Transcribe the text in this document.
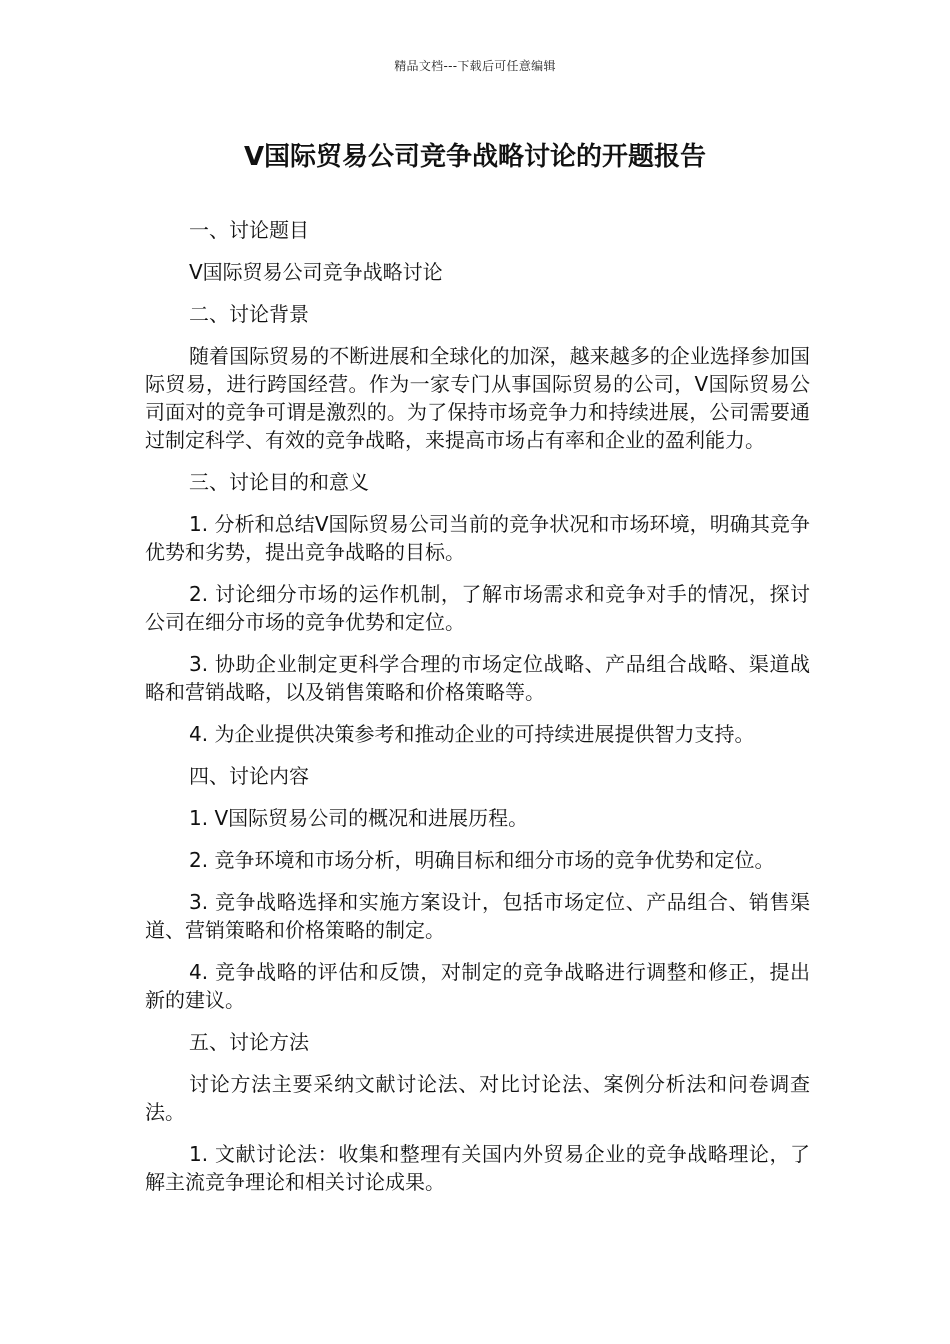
精品文档---下载后可任意编辑
V国际贸易公司竞争战略讨论的开题报告

一、讨论题目

V国际贸易公司竞争战略讨论

二、讨论背景

随着国际贸易的不断进展和全球化的加深，越来越多的企业选择参加国际贸易，进行跨国经营。作为一家专门从事国际贸易的公司，V国际贸易公司面对的竞争可谓是激烈的。为了保持市场竞争力和持续进展，公司需要通过制定科学、有效的竞争战略，来提高市场占有率和企业的盈利能力。

三、讨论目的和意义

1. 分析和总结V国际贸易公司当前的竞争状况和市场环境，明确其竞争优势和劣势，提出竞争战略的目标。

2. 讨论细分市场的运作机制，了解市场需求和竞争对手的情况，探讨公司在细分市场的竞争优势和定位。

3. 协助企业制定更科学合理的市场定位战略、产品组合战略、渠道战略和营销战略，以及销售策略和价格策略等。

4. 为企业提供决策参考和推动企业的可持续进展提供智力支持。

四、讨论内容

1. V国际贸易公司的概况和进展历程。

2. 竞争环境和市场分析，明确目标和细分市场的竞争优势和定位。

3. 竞争战略选择和实施方案设计，包括市场定位、产品组合、销售渠道、营销策略和价格策略的制定。

4. 竞争战略的评估和反馈，对制定的竞争战略进行调整和修正，提出新的建议。

五、讨论方法

讨论方法主要采纳文献讨论法、对比讨论法、案例分析法和问卷调查法。

1. 文献讨论法：收集和整理有关国内外贸易企业的竞争战略理论，了解主流竞争理论和相关讨论成果。
